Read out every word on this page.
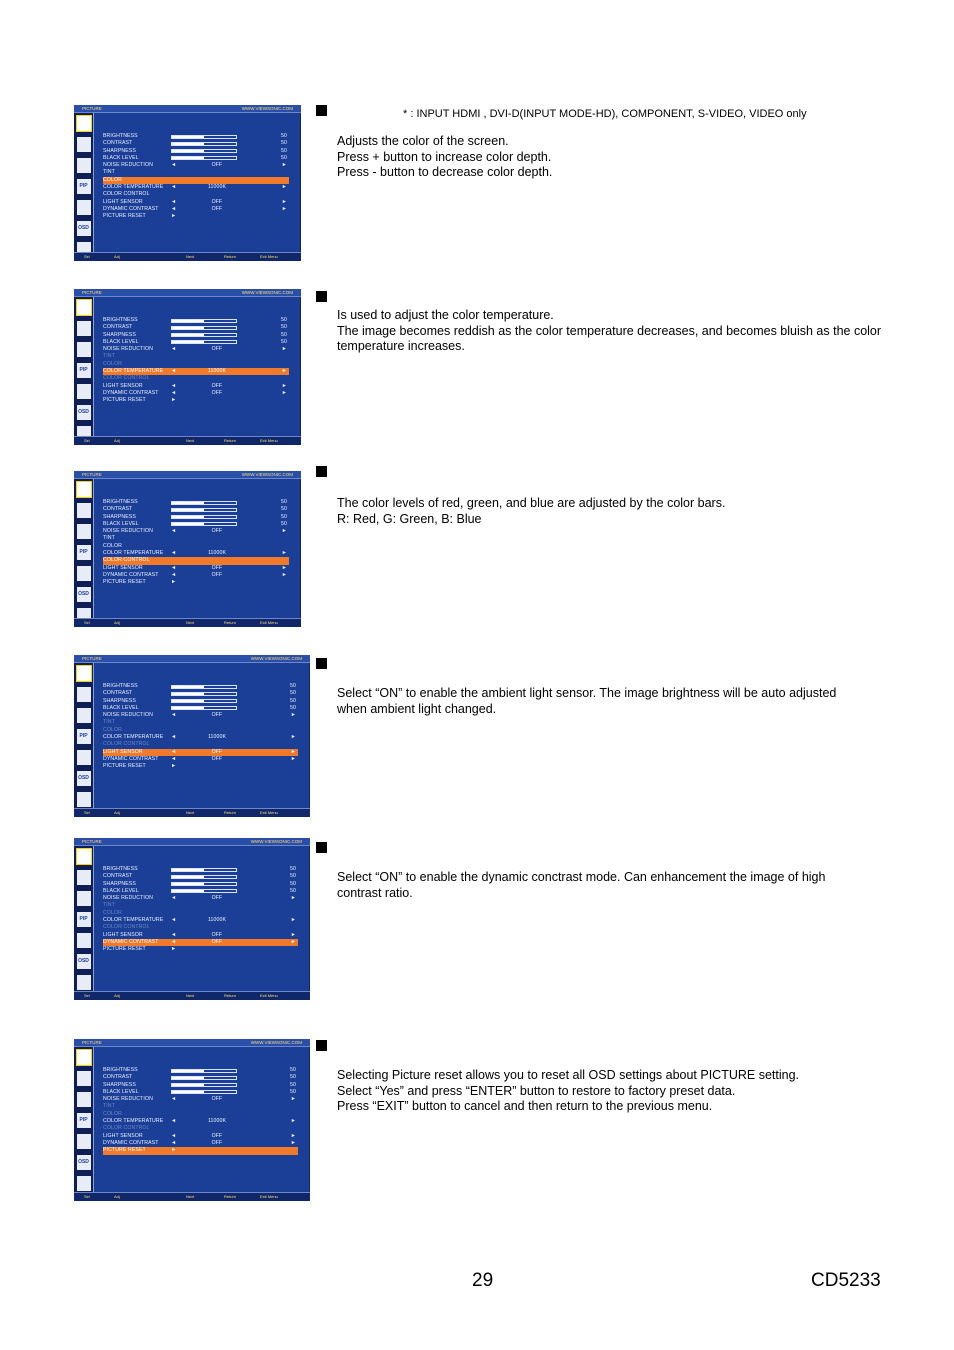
PICTURE	WWW.VIEWSONIC.COM
PIP
OSD
BRIGHTNESS	50
CONTRAST	50
SHARPNESS	50
BLACK LEVEL	50
NOISE REDUCTION	◄	OFF	►
TINT
COLOR
COLOR TEMPERATURE ◄	11000K	►
COLOR CONTROL
LIGHT SENSOR	◄	OFF	►
DYNAMIC CONTRAST ◄	OFF	►
PICTURE RESET	►
Sel	Adj	Next	Return	Exit Menu
* : INPUT HDMI , DVI-D(INPUT MODE-HD), COMPONENT, S-VIDEO, VIDEO only

Adjusts the color of the screen.

Press + button to increase color depth.

Press - button to decrease color depth.

PICTURE	WWW.VIEWSONIC.COM
PIP
OSD
BRIGHTNESS	50
CONTRAST	50
SHARPNESS	50
BLACK LEVEL	50
NOISE REDUCTION	◄	OFF	►
TINT
COLOR
COLOR TEMPERATURE ◄	11000K	►
COLOR CONTROL
LIGHT SENSOR	◄	OFF	►
DYNAMIC CONTRAST ◄	OFF	►
PICTURE RESET	►
Sel	Adj	Next	Return	Exit Menu

Is used to adjust the color temperature.

The image becomes reddish as the color temperature decreases, and becomes bluish as the color

temperature increases.

PICTURE	WWW.VIEWSONIC.COM
PIP
OSD
BRIGHTNESS	50
CONTRAST	50
SHARPNESS	50
BLACK LEVEL	50
NOISE REDUCTION	◄	OFF	►
TINT
COLOR
COLOR TEMPERATURE ◄	11000K	►
COLOR CONTROL
LIGHT SENSOR	◄	OFF	►
DYNAMIC CONTRAST ◄	OFF	►
PICTURE RESET	►
Sel	Adj	Next	Return	Exit Menu

The color levels of red, green, and blue are adjusted by the color bars.

R: Red, G: Green, B: Blue

PICTURE	WWW.VIEWSONIC.COM
PIP
OSD
BRIGHTNESS	50
CONTRAST	50
SHARPNESS	50
BLACK LEVEL	50
NOISE REDUCTION	◄	OFF	►
TINT
COLOR
COLOR TEMPERATURE ◄	11000K	►
COLOR CONTROL
LIGHT SENSOR	◄	OFF	►
DYNAMIC CONTRAST ◄	OFF	►
PICTURE RESET	►
Sel	Adj	Next	Return	Exit Menu

Select “ON” to enable the ambient light sensor. The image brightness will be auto adjusted

when ambient light changed.

PICTURE	WWW.VIEWSONIC.COM
PIP
OSD
BRIGHTNESS	50
CONTRAST	50
SHARPNESS	50
BLACK LEVEL	50
NOISE REDUCTION	◄	OFF	►
TINT
COLOR
COLOR TEMPERATURE ◄	11000K	►
COLOR CONTROL
LIGHT SENSOR	◄	OFF	►
DYNAMIC CONTRAST ◄	OFF	►
PICTURE RESET	►
Sel	Adj	Next	Return	Exit Menu

Select “ON” to enable the dynamic conctrast mode. Can enhancement the image of high

contrast ratio.

PICTURE	WWW.VIEWSONIC.COM
PIP
OSD
BRIGHTNESS	50
CONTRAST	50
SHARPNESS	50
BLACK LEVEL	50
NOISE REDUCTION	◄	OFF	►
TINT
COLOR
COLOR TEMPERATURE ◄	11000K	►
COLOR CONTROL
LIGHT SENSOR	◄	OFF	►
DYNAMIC CONTRAST ◄	OFF	►
PICTURE RESET	►
Sel	Adj	Next	Return	Exit Menu

Selecting Picture reset allows you to reset all OSD settings about PICTURE setting.

Select “Yes” and press “ENTER” button to restore to factory preset data.

Press “EXIT” button to cancel and then return to the previous menu.

29	CD5233
